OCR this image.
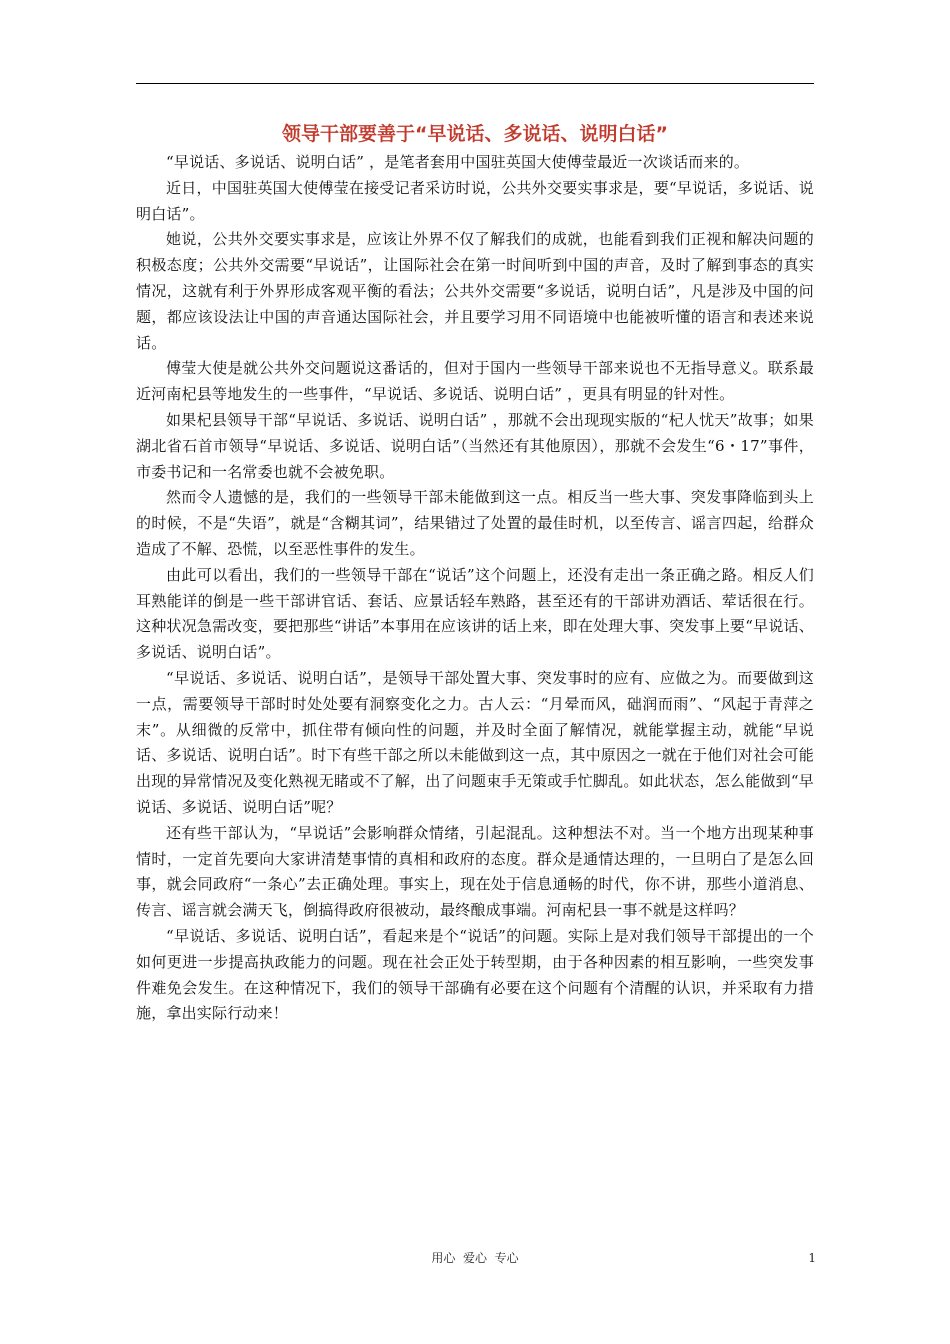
领导干部要善于“早说话、多说话、说明白话”

“早说话、多说话、说明白话” ，是笔者套用中国驻英国大使傅莹最近一次谈话而来的。

近日，中国驻英国大使傅莹在接受记者采访时说，公共外交要实事求是，要“早说话，多说话、说明白话”。

她说，公共外交要实事求是，应该让外界不仅了解我们的成就，也能看到我们正视和解决问题的积极态度；公共外交需要“早说话”，让国际社会在第一时间听到中国的声音，及时了解到事态的真实情况，这就有利于外界形成客观平衡的看法；公共外交需要“多说话，说明白话”，凡是涉及中国的问题，都应该设法让中国的声音通达国际社会，并且要学习用不同语境中也能被听懂的语言和表述来说话。

傅莹大使是就公共外交问题说这番话的，但对于国内一些领导干部来说也不无指导意义。联系最近河南杞县等地发生的一些事件，“早说话、多说话、说明白话” ，更具有明显的针对性。

如果杞县领导干部“早说话、多说话、说明白话” ，那就不会出现现实版的“杞人忧天”故事；如果湖北省石首市领导“早说话、多说话、说明白话”（当然还有其他原因），那就不会发生“6・17”事件，市委书记和一名常委也就不会被免职。

然而令人遗憾的是，我们的一些领导干部未能做到这一点。相反当一些大事、突发事降临到头上的时候，不是“失语”，就是“含糊其词”，结果错过了处置的最佳时机，以至传言、谣言四起，给群众造成了不解、恐慌，以至恶性事件的发生。

由此可以看出，我们的一些领导干部在“说话”这个问题上，还没有走出一条正确之路。相反人们耳熟能详的倒是一些干部讲官话、套话、应景话轻车熟路，甚至还有的干部讲劝酒话、荤话很在行。这种状况急需改变，要把那些“讲话”本事用在应该讲的话上来，即在处理大事、突发事上要“早说话、多说话、说明白话”。

“早说话、多说话、说明白话”，是领导干部处置大事、突发事时的应有、应做之为。而要做到这一点，需要领导干部时时处处要有洞察变化之力。古人云：“月晕而风，础润而雨”、“风起于青萍之末”。从细微的反常中，抓住带有倾向性的问题，并及时全面了解情况，就能掌握主动，就能“早说话、多说话、说明白话”。时下有些干部之所以未能做到这一点，其中原因之一就在于他们对社会可能出现的异常情况及变化熟视无睹或不了解，出了问题束手无策或手忙脚乱。如此状态，怎么能做到“早说话、多说话、说明白话”呢？

还有些干部认为，“早说话”会影响群众情绪，引起混乱。这种想法不对。当一个地方出现某种事情时，一定首先要向大家讲清楚事情的真相和政府的态度。群众是通情达理的，一旦明白了是怎么回事，就会同政府“一条心”去正确处理。事实上，现在处于信息通畅的时代，你不讲，那些小道消息、传言、谣言就会满天飞，倒搞得政府很被动，最终酿成事端。河南杞县一事不就是这样吗？

“早说话、多说话、说明白话”，看起来是个“说话”的问题。实际上是对我们领导干部提出的一个如何更进一步提高执政能力的问题。现在社会正处于转型期，由于各种因素的相互影响，一些突发事件难免会发生。在这种情况下，我们的领导干部确有必要在这个问题有个清醒的认识，并采取有力措施，拿出实际行动来！

用心  爱心  专心	1
